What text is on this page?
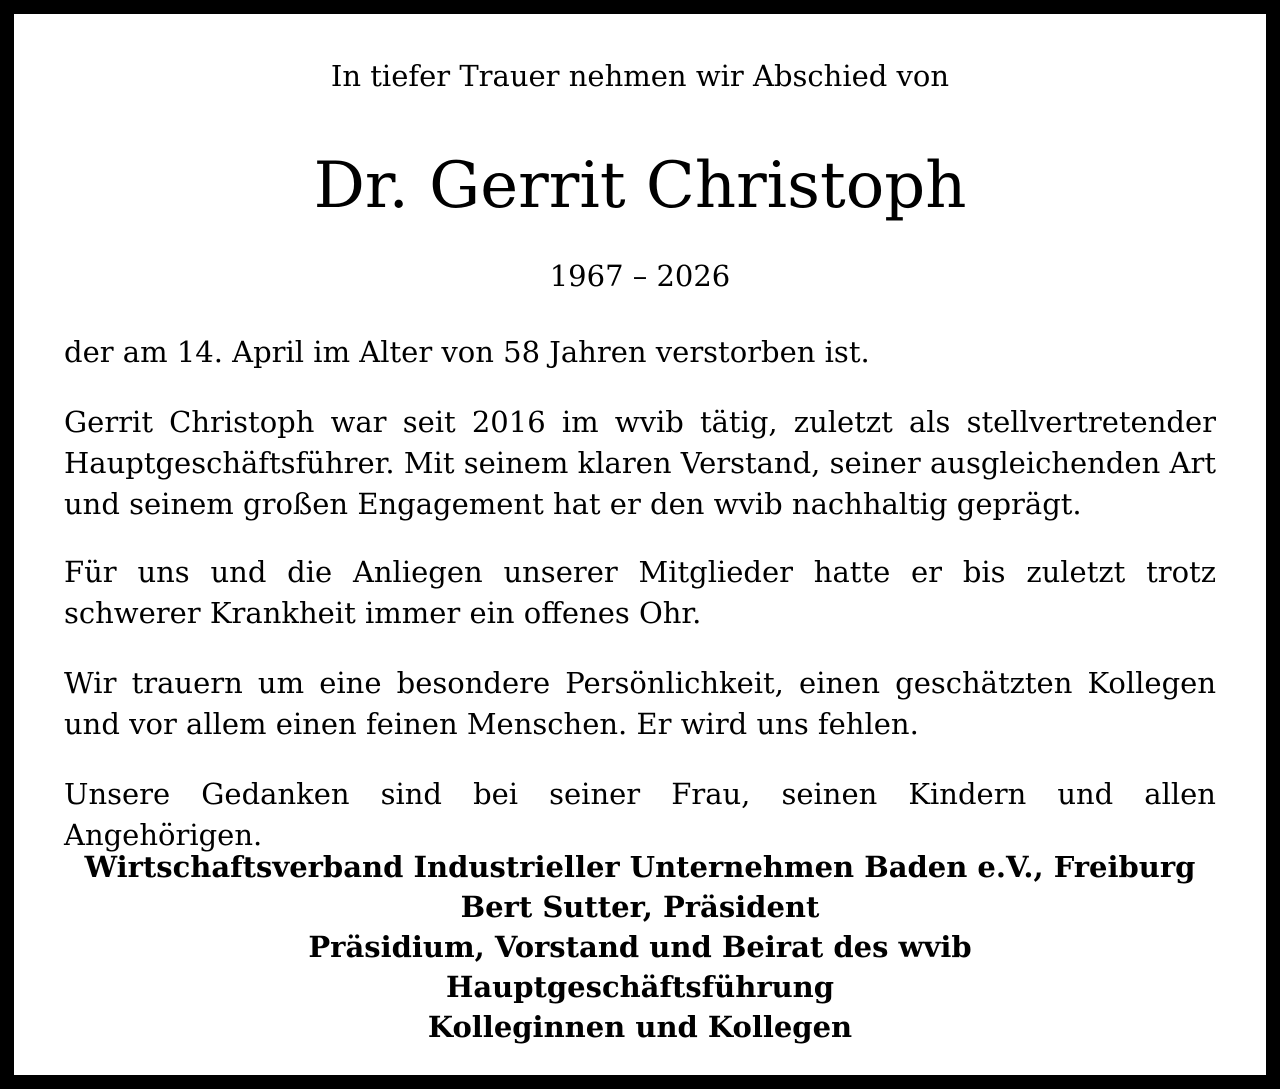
In tiefer Trauer nehmen wir Abschied von
Dr. Gerrit Christoph
1967 – 2026

der am 14. April im Alter von 58 Jahren verstorben ist.

Gerrit Christoph war seit 2016 im wvib tätig, zuletzt als stellvertretender Hauptgeschäftsführer. Mit seinem klaren Verstand, seiner ausgleichenden Art und seinem großen Engagement hat er den wvib nachhaltig geprägt.

Für uns und die Anliegen unserer Mitglieder hatte er bis zuletzt trotz schwerer Krankheit immer ein offenes Ohr.

Wir trauern um eine besondere Persönlichkeit, einen geschätzten Kollegen und vor allem einen feinen Menschen. Er wird uns fehlen.

Unsere Gedanken sind bei seiner Frau, seinen Kindern und allen Angehörigen.

Wirtschaftsverband Industrieller Unternehmen Baden e.V., Freiburg
Bert Sutter, Präsident
Präsidium, Vorstand und Beirat des wvib
Hauptgeschäftsführung
Kolleginnen und Kollegen
